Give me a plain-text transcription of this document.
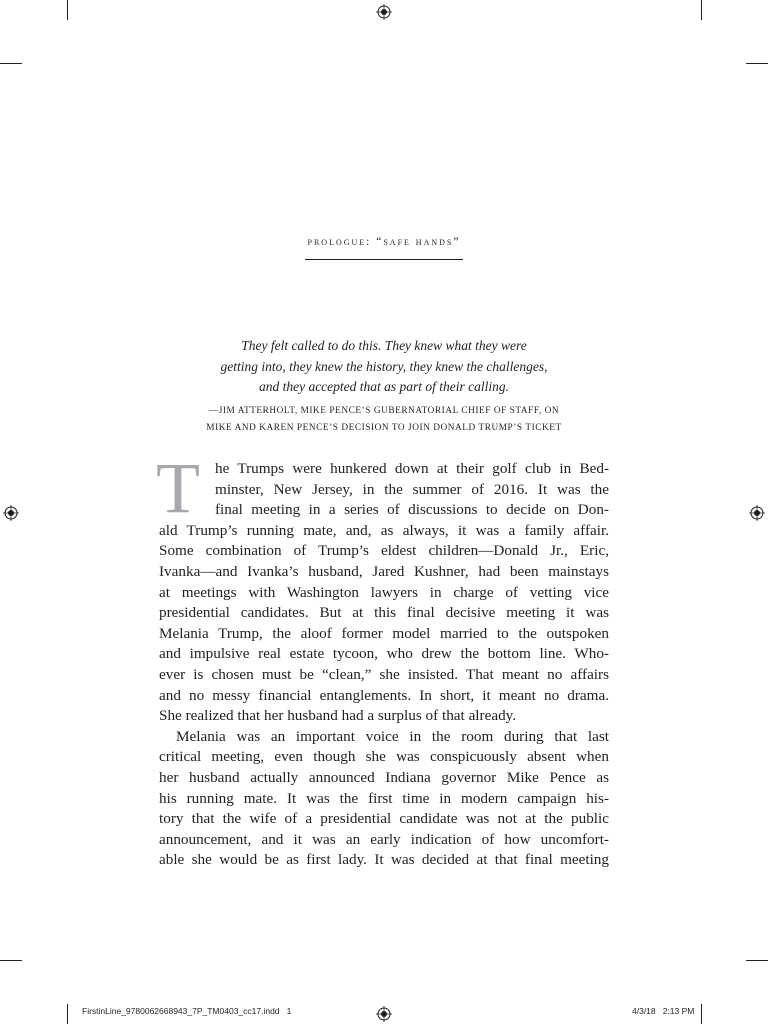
prologue: “safe hands”
They felt called to do this. They knew what they were
getting into, they knew the history, they knew the challenges,
and they accepted that as part of their calling.
—JIM ATTERHOLT, MIKE PENCE’S GUBERNATORIAL CHIEF OF STAFF, ON
MIKE AND KAREN PENCE’S DECISION TO JOIN DONALD TRUMP’S TICKET
T he Trumps were hunkered down at their golf club in Bed-
minster, New Jersey, in the summer of 2016. It was the
final meeting in a series of discussions to decide on Don-
ald Trump’s running mate, and, as always, it was a family affair.
Some combination of Trump’s eldest children—Donald Jr., Eric,
Ivanka—and Ivanka’s husband, Jared Kushner, had been mainstays
at meetings with Washington lawyers in charge of vetting vice
presidential candidates. But at this final decisive meeting it was
Melania Trump, the aloof former model married to the outspoken
and impulsive real estate tycoon, who drew the bottom line. Who-
ever is chosen must be “clean,” she insisted. That meant no affairs
and no messy financial entanglements. In short, it meant no drama.
She realized that her husband had a surplus of that already.
Melania was an important voice in the room during that last
critical meeting, even though she was conspicuously absent when
her husband actually announced Indiana governor Mike Pence as
his running mate. It was the first time in modern campaign his-
tory that the wife of a presidential candidate was not at the public
announcement, and it was an early indication of how uncomfort-
able she would be as first lady. It was decided at that final meeting
FirstinLine_9780062668943_7P_TM0403_cc17.indd   1	4/3/18   2:13 PM
